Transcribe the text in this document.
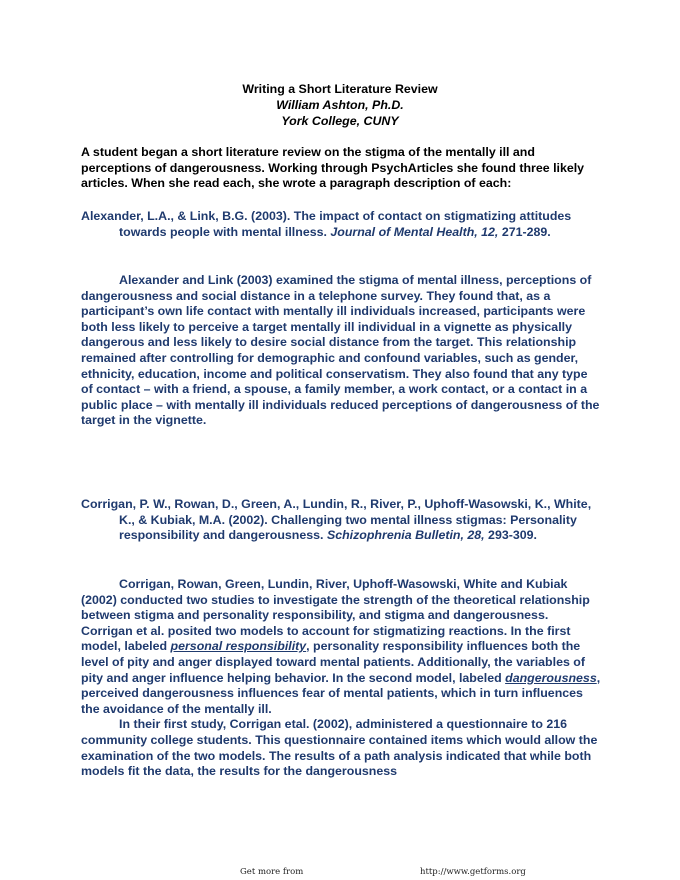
Writing a Short Literature Review
William Ashton, Ph.D.
York College, CUNY

A student began a short literature review on the stigma of the mentally ill and perceptions of dangerousness. Working through PsychArticles she found three likely articles. When she read each, she wrote a paragraph description of each:

Alexander, L.A., & Link, B.G. (2003). The impact of contact on stigmatizing attitudes towards people with mental illness. Journal of Mental Health, 12, 271-289.

Alexander and Link (2003) examined the stigma of mental illness, perceptions of dangerousness and social distance in a telephone survey. They found that, as a participant’s own life contact with mentally ill individuals increased, participants were both less likely to perceive a target mentally ill individual in a vignette as physically dangerous and less likely to desire social distance from the target. This relationship remained after controlling for demographic and confound variables, such as gender, ethnicity, education, income and political conservatism. They also found that any type of contact – with a friend, a spouse, a family member, a work contact, or a contact in a public place – with mentally ill individuals reduced perceptions of dangerousness of the target in the vignette.

Corrigan, P. W., Rowan, D., Green, A., Lundin, R., River, P., Uphoff-Wasowski, K., White, K., & Kubiak, M.A. (2002). Challenging two mental illness stigmas: Personality responsibility and dangerousness. Schizophrenia Bulletin, 28, 293-309.

Corrigan, Rowan, Green, Lundin, River, Uphoff-Wasowski, White and Kubiak (2002) conducted two studies to investigate the strength of the theoretical relationship between stigma and personality responsibility, and stigma and dangerousness. Corrigan et al. posited two models to account for stigmatizing reactions. In the first model, labeled personal responsibility, personality responsibility influences both the level of pity and anger displayed toward mental patients. Additionally, the variables of pity and anger influence helping behavior. In the second model, labeled dangerousness, perceived dangerousness influences fear of mental patients, which in turn influences the avoidance of the mentally ill.

In their first study, Corrigan etal. (2002), administered a questionnaire to 216 community college students. This questionnaire contained items which would allow the examination of the two models. The results of a path analysis indicated that while both models fit the data, the results for the dangerousness

Get more from	http://www.getforms.org
